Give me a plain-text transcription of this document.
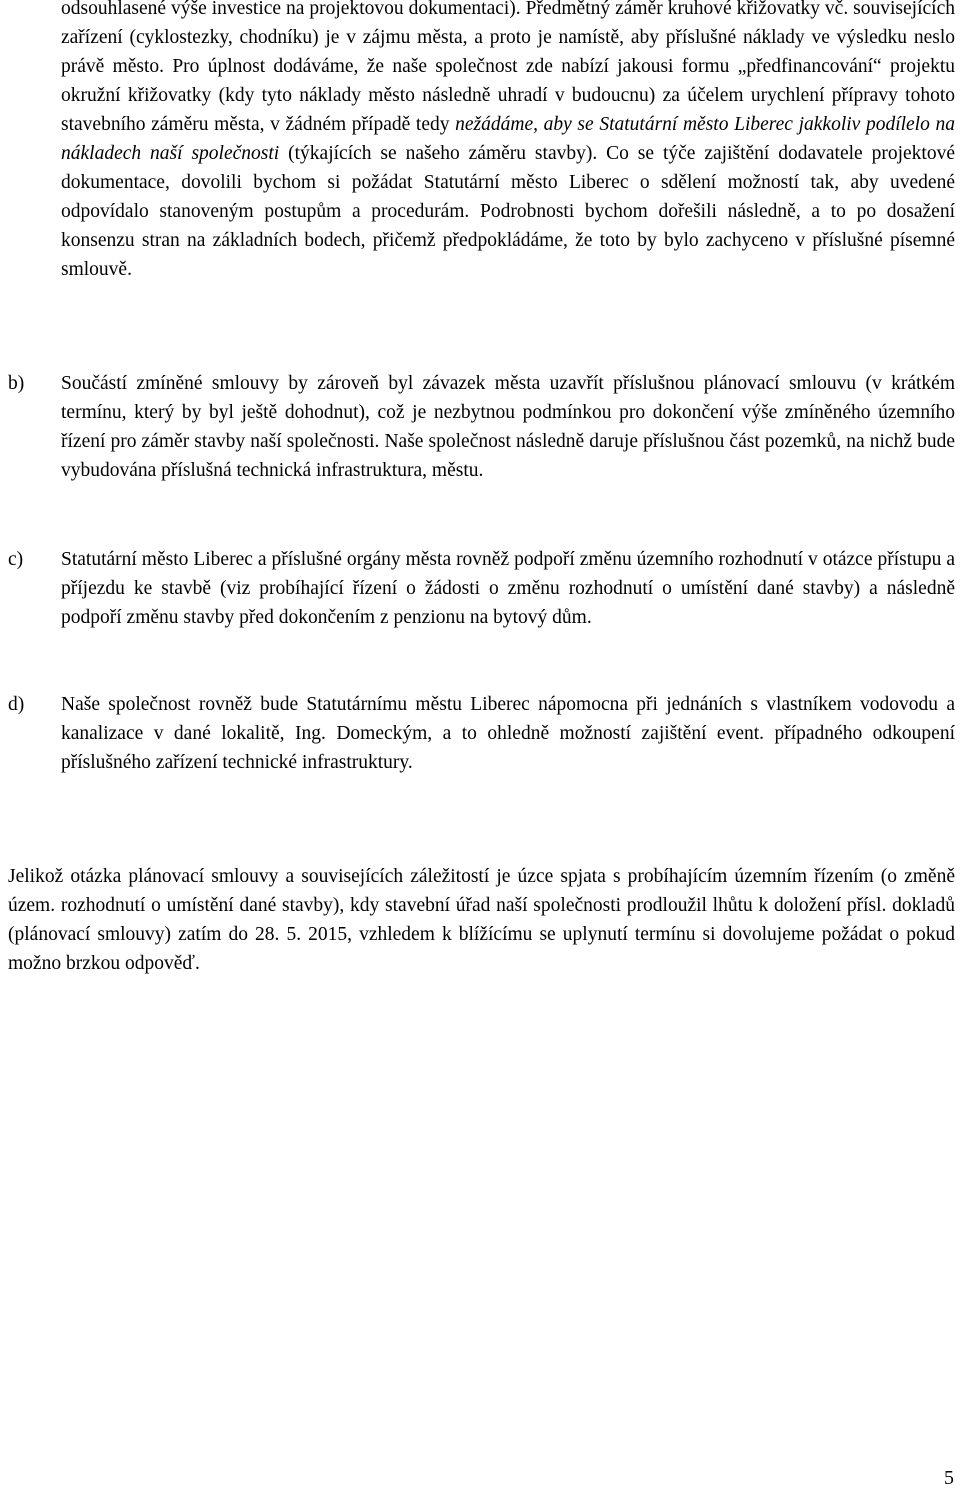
odsouhlasené výše investice na projektovou dokumentaci). Předmětný záměr kruhové křižovatky vč. souvisejících zařízení (cyklostezky, chodníku) je v zájmu města, a proto je namístě, aby příslušné náklady ve výsledku neslo právě město. Pro úplnost dodáváme, že naše společnost zde nabízí jakousi formu „předfinancování“ projektu okružní křižovatky (kdy tyto náklady město následně uhradí v budoucnu) za účelem urychlení přípravy tohoto stavebního záměru města, v žádném případě tedy nežádáme, aby se Statutární město Liberec jakkoliv podílelo na nákladech naší společnosti (týkajících se našeho záměru stavby). Co se týče zajištění dodavatele projektové dokumentace, dovolili bychom si požádat Statutární město Liberec o sdělení možností tak, aby uvedené odpovídalo stanoveným postupům a procedurám. Podrobnosti bychom dořešili následně, a to po dosažení konsenzu stran na základních bodech, přičemž předpokládáme, že toto by bylo zachyceno v příslušné písemné smlouvě.

b)	Součástí zmíněné smlouvy by zároveň byl závazek města uzavřít příslušnou plánovací smlouvu (v krátkém termínu, který by byl ještě dohodnut), což je nezbytnou podmínkou pro dokončení výše zmíněného územního řízení pro záměr stavby naší společnosti. Naše společnost následně daruje příslušnou část pozemků, na nichž bude vybudována příslušná technická infrastruktura, městu.
c)	Statutární město Liberec a příslušné orgány města rovněž podpoří změnu územního rozhodnutí v otázce přístupu a příjezdu ke stavbě (viz probíhající řízení o žádosti o změnu rozhodnutí o umístění dané stavby) a následně podpoří změnu stavby před dokončením z penzionu na bytový dům.
d)	Naše společnost rovněž bude Statutárnímu městu Liberec nápomocna při jednáních s vlastníkem vodovodu a kanalizace v dané lokalitě, Ing. Domeckým, a to ohledně možností zajištění event. případného odkoupení příslušného zařízení technické infrastruktury.

Jelikož otázka plánovací smlouvy a souvisejících záležitostí je úzce spjata s probíhajícím územním řízením (o změně územ. rozhodnutí o umístění dané stavby), kdy stavební úřad naší společnosti prodloužil lhůtu k doložení přísl. dokladů (plánovací smlouvy) zatím do 28. 5. 2015, vzhledem k blížícímu se uplynutí termínu si dovolujeme požádat o pokud možno brzkou odpověď.

5
